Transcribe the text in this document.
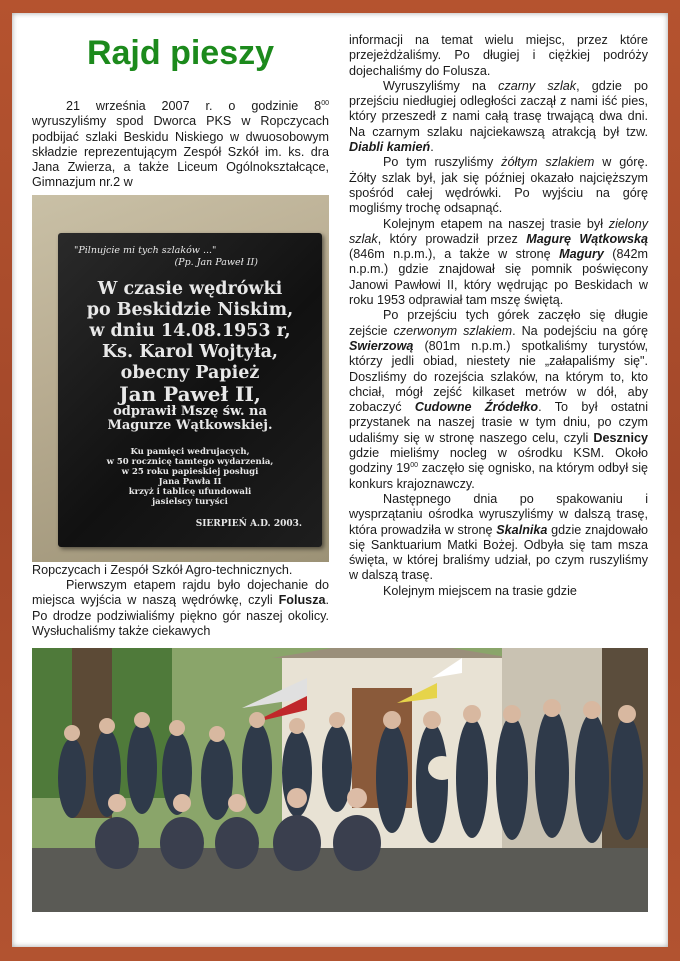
Rajd pieszy

21 września 2007 r. o godzinie $8^{00}$ wyruszyliśmy spod Dworca PKS w Ropczycach podbijać szlaki Beskidu Niskiego w dwuosobowym składzie reprezentującym Zespół Szkół im. ks. dra Jana Zwierza, a także Liceum Ogólnokształcące, Gimnazjum nr.2 w

"Pilnujcie mi tych szlaków ..."
(Pp. Jan Paweł II)
W czasie wędrówki
po Beskidzie Niskim,
w dniu 14.08.1953 r,
Ks. Karol Wojtyła,
obecny Papież
Jan Paweł II,
odprawił Mszę św. na
Magurze Wątkowskiej.
Ku pamięci wedrujacych,
w 50 rocznicę tamtego wydarzenia,
w 25 roku papieskiej posługi
Jana Pawła II
krzyż i tablicę ufundowali
jasielscy turyści
SIERPIEŃ A.D. 2003.

Ropczycach i Zespół Szkół Agro-technicznych.

Pierwszym etapem rajdu było dojechanie do miejsca wyjścia w naszą wędrówkę, czyli Folusza. Po drodze podziwialiśmy piękno gór naszej okolicy. Wysłuchaliśmy także ciekawych

informacji na temat wielu miejsc, przez które przejeżdżaliśmy. Po długiej i ciężkiej podróży dojechaliśmy do Folusza.

Wyruszyliśmy na czarny szlak, gdzie po przejściu niedługiej odległości zaczął z nami iść pies, który przeszedł z nami całą trasę trwającą dwa dni. Na czarnym szlaku najciekawszą atrakcją był tzw. Diabli kamień.

Po tym ruszyliśmy żółtym szlakiem w górę. Żółty szlak był, jak się później okazało najcięższym spośród całej wędrówki. Po wyjściu na górę mogliśmy trochę odsapnąć.

Kolejnym etapem na naszej trasie był zielony szlak, który prowadził przez Magurę Wątkowską (846m n.p.m.), a także w stronę Magury (842m n.p.m.) gdzie znajdował się pomnik poświęcony Janowi Pawłowi II, który wędrując po Beskidach w roku 1953 odprawiał tam mszę świętą.

Po przejściu tych górek zaczęło się długie zejście czerwonym szlakiem. Na podejściu na górę Swierzową (801m n.p.m.) spotkaliśmy turystów, którzy jedli obiad, niestety nie „załapaliśmy się". Doszliśmy do rozejścia szlaków, na którym to, kto chciał, mógł zejść kilkaset metrów w dół, aby zobaczyć Cudowne Źródełko. To był ostatni przystanek na naszej trasie w tym dniu, po czym udaliśmy się w stronę naszego celu, czyli Desznicy gdzie mieliśmy nocleg w ośrodku KSM. Około godziny $19^{00}$ zaczęło się ognisko, na którym odbył się konkurs krajoznawczy.

Następnego dnia po spakowaniu i wysprzątaniu ośrodka wyruszyliśmy w dalszą trasę, która prowadziła w stronę Skalnika gdzie znajdowało się Sanktuarium Matki Bożej. Odbyła się tam msza święta, w której braliśmy udział, po czym ruszyliśmy w dalszą trasę.

Kolejnym miejscem na trasie gdzie
